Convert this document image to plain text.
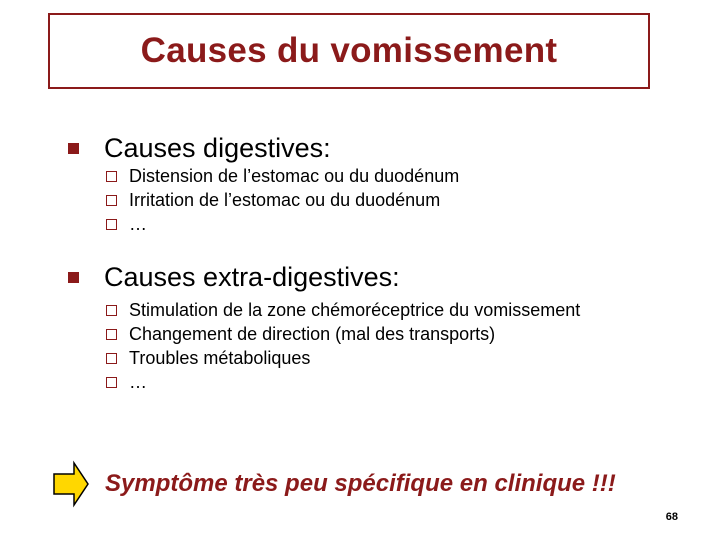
Causes du vomissement
Causes digestives:
Distension de l’estomac ou du duodénum
Irritation de l’estomac ou du duodénum
…
Causes extra-digestives:
Stimulation de la zone chémoréceptrice du vomissement
Changement de direction (mal des transports)
Troubles métaboliques
…
Symptôme très peu spécifique en clinique !!!
68
